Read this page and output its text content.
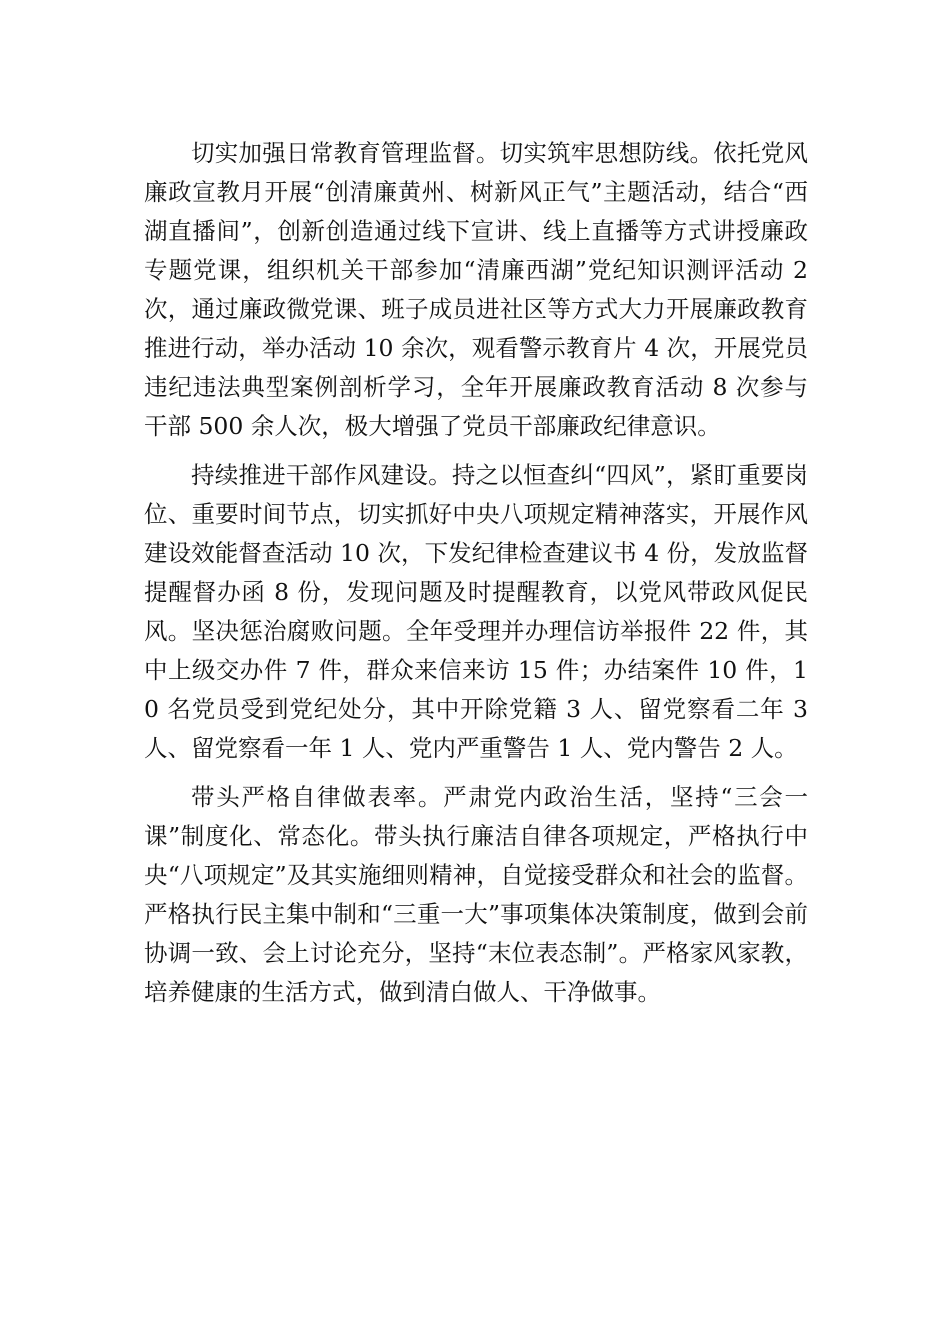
切实加强日常教育管理监督。切实筑牢思想防线。依托党风廉政宣教月开展“创清廉黄州、树新风正气”主题活动，结合“西湖直播间”，创新创造通过线下宣讲、线上直播等方式讲授廉政专题党课，组织机关干部参加“清廉西湖”党纪知识测评活动 2 次，通过廉政微党课、班子成员进社区等方式大力开展廉政教育推进行动，举办活动 10 余次，观看警示教育片 4 次，开展党员违纪违法典型案例剖析学习，全年开展廉政教育活动 8 次参与干部 500 余人次，极大增强了党员干部廉政纪律意识。

持续推进干部作风建设。持之以恒查纠“四风”，紧盯重要岗位、重要时间节点，切实抓好中央八项规定精神落实，开展作风建设效能督查活动 10 次，下发纪律检查建议书 4 份，发放监督提醒督办函 8 份，发现问题及时提醒教育，以党风带政风促民风。坚决惩治腐败问题。全年受理并办理信访举报件 22 件，其中上级交办件 7 件，群众来信来访 15 件；办结案件 10 件，10 名党员受到党纪处分，其中开除党籍 3 人、留党察看二年 3 人、留党察看一年 1 人、党内严重警告 1 人、党内警告 2 人。

带头严格自律做表率。严肃党内政治生活，坚持“三会一课”制度化、常态化。带头执行廉洁自律各项规定，严格执行中央“八项规定”及其实施细则精神，自觉接受群众和社会的监督。严格执行民主集中制和“三重一大”事项集体决策制度，做到会前协调一致、会上讨论充分，坚持“末位表态制”。严格家风家教，培养健康的生活方式，做到清白做人、干净做事。
